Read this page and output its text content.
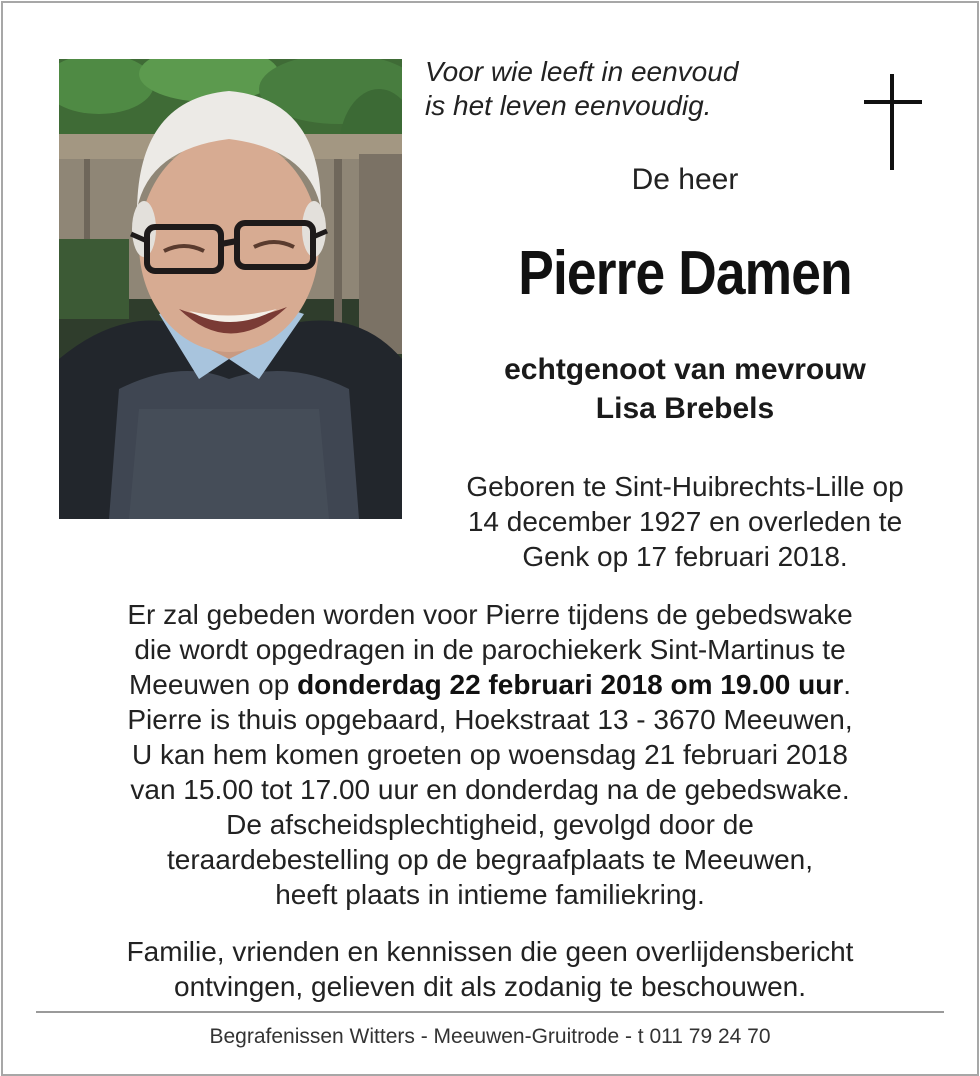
Voor wie leeft in eenvoud
is het leven eenvoudig.
De heer
Pierre Damen
echtgenoot van mevrouw
Lisa Brebels
Geboren te Sint-Huibrechts-Lille op
14 december 1927 en overleden te
Genk op 17 februari 2018.
Er zal gebeden worden voor Pierre tijdens de gebedswake
die wordt opgedragen in de parochiekerk Sint-Martinus te
Meeuwen op donderdag 22 februari 2018 om 19.00 uur.
Pierre is thuis opgebaard, Hoekstraat 13 - 3670 Meeuwen,
U kan hem komen groeten op woensdag 21 februari 2018
van 15.00 tot 17.00 uur en donderdag na de gebedswake.
De afscheidsplechtigheid, gevolgd door de
teraardebestelling op de begraafplaats te Meeuwen,
heeft plaats in intieme familiekring.
Familie, vrienden en kennissen die geen overlijdensbericht
ontvingen, gelieven dit als zodanig te beschouwen.
Begrafenissen Witters - Meeuwen-Gruitrode - t 011 79 24 70
